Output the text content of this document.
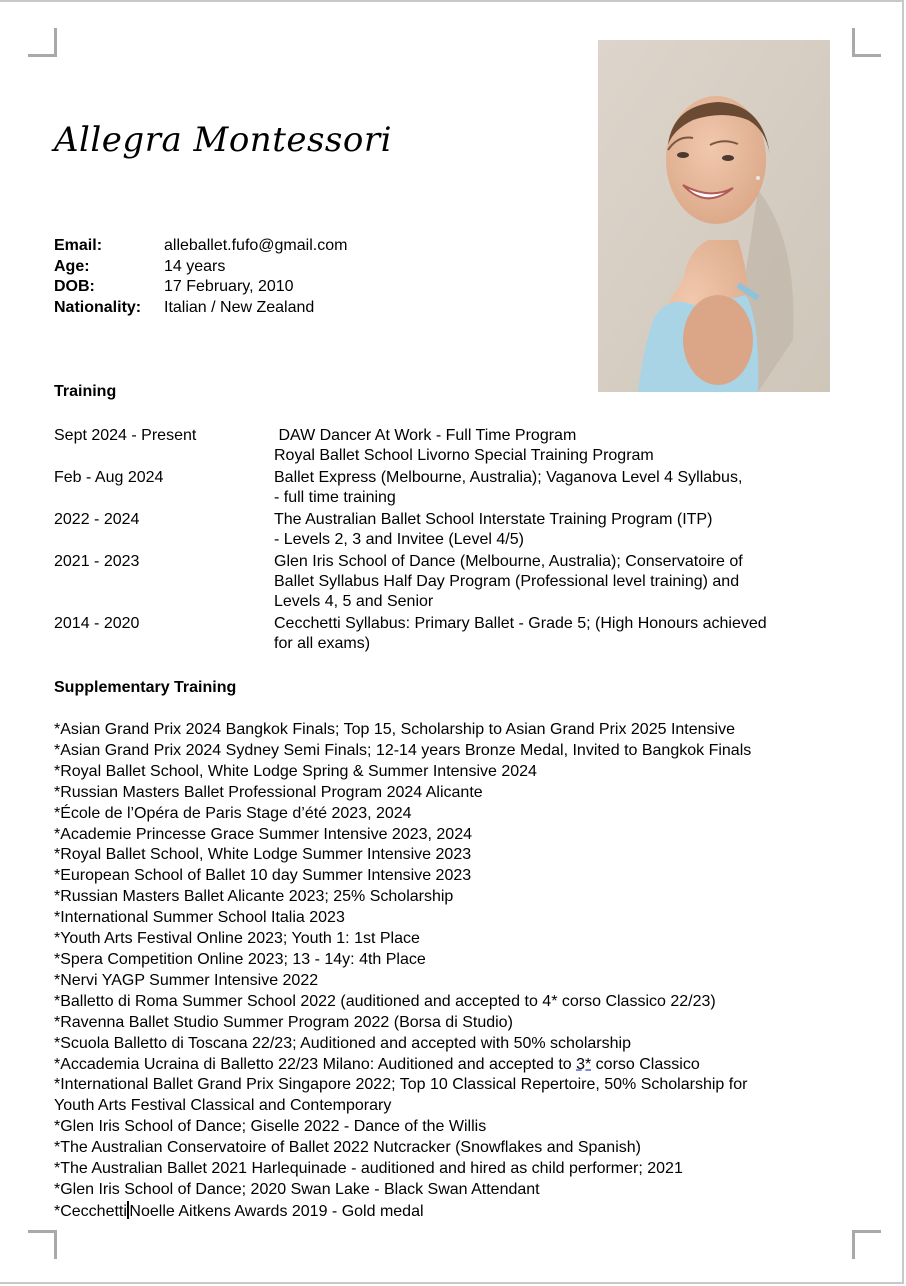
Allegra Montessori
Email:	alleballet.fufo@gmail.com
Age:	14 years
DOB:	17 February, 2010
Nationality:	Italian / New Zealand
Training
Sept 2024 - Present	DAW Dancer At Work - Full Time Program
Royal Ballet School Livorno Special Training Program
Feb - Aug 2024	Ballet Express (Melbourne, Australia); Vaganova Level 4 Syllabus,
- full time training
2022 - 2024	The Australian Ballet School Interstate Training Program (ITP)
- Levels 2, 3 and Invitee (Level 4/5)
2021 - 2023	Glen Iris School of Dance (Melbourne, Australia); Conservatoire of
Ballet Syllabus Half Day Program (Professional level training) and
Levels 4, 5 and Senior
2014 - 2020	Cecchetti Syllabus: Primary Ballet - Grade 5; (High Honours achieved
for all exams)
Supplementary Training
*Asian Grand Prix 2024 Bangkok Finals; Top 15, Scholarship to Asian Grand Prix 2025 Intensive
*Asian Grand Prix 2024 Sydney Semi Finals; 12-14 years Bronze Medal, Invited to Bangkok Finals
*Royal Ballet School, White Lodge Spring & Summer Intensive 2024
*Russian Masters Ballet Professional Program 2024 Alicante
*École de l’Opéra de Paris Stage d’été 2023, 2024
*Academie Princesse Grace Summer Intensive 2023, 2024
*Royal Ballet School, White Lodge Summer Intensive 2023
*European School of Ballet 10 day Summer Intensive 2023
*Russian Masters Ballet Alicante 2023; 25% Scholarship
*International Summer School Italia 2023
*Youth Arts Festival Online 2023; Youth 1: 1st Place
*Spera Competition Online 2023; 13 - 14y: 4th Place
*Nervi YAGP Summer Intensive 2022
*Balletto di Roma Summer School 2022 (auditioned and accepted to 4* corso Classico 22/23)
*Ravenna Ballet Studio Summer Program 2022 (Borsa di Studio)
*Scuola Balletto di Toscana 22/23; Auditioned and accepted with 50% scholarship
*Accademia Ucraina di Balletto 22/23 Milano: Auditioned and accepted to 3* corso Classico
*International Ballet Grand Prix Singapore 2022; Top 10 Classical Repertoire, 50% Scholarship for
Youth Arts Festival Classical and Contemporary
*Glen Iris School of Dance; Giselle 2022 - Dance of the Willis
*The Australian Conservatoire of Ballet 2022 Nutcracker (Snowflakes and Spanish)
*The Australian Ballet 2021 Harlequinade - auditioned and hired as child performer; 2021
*Glen Iris School of Dance; 2020 Swan Lake - Black Swan Attendant
*Cecchetti Noelle Aitkens Awards 2019 - Gold medal
